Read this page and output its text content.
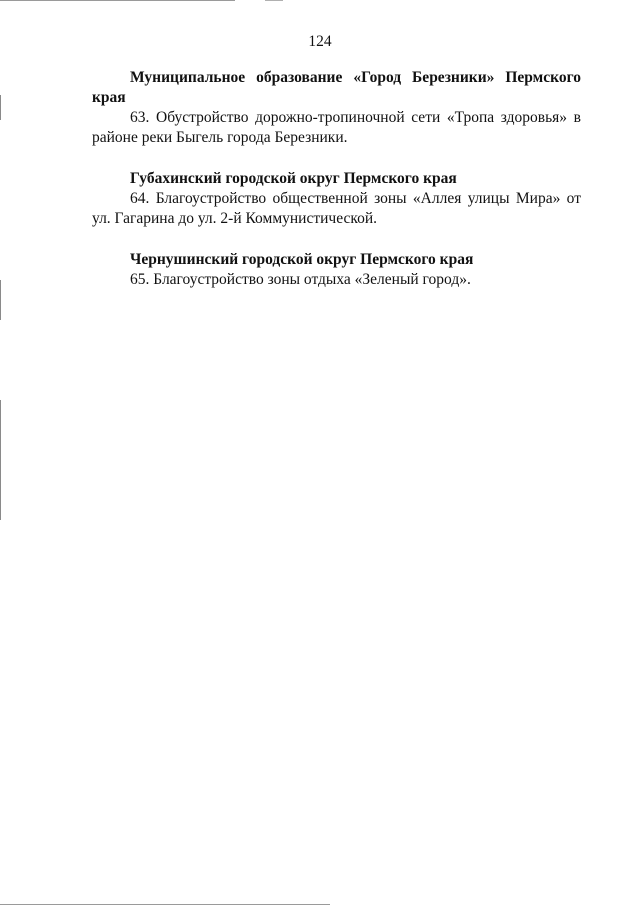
124

Муниципальное образование «Город Березники» Пермского края

63. Обустройство дорожно-тропиночной сети «Тропа здоровья» в районе реки Быгель города Березники.

Губахинский городской округ Пермского края

64. Благоустройство общественной зоны «Аллея улицы Мира» от ул. Гагарина до ул. 2-й Коммунистической.

Чернушинский городской округ Пермского края

65. Благоустройство зоны отдыха «Зеленый город».
